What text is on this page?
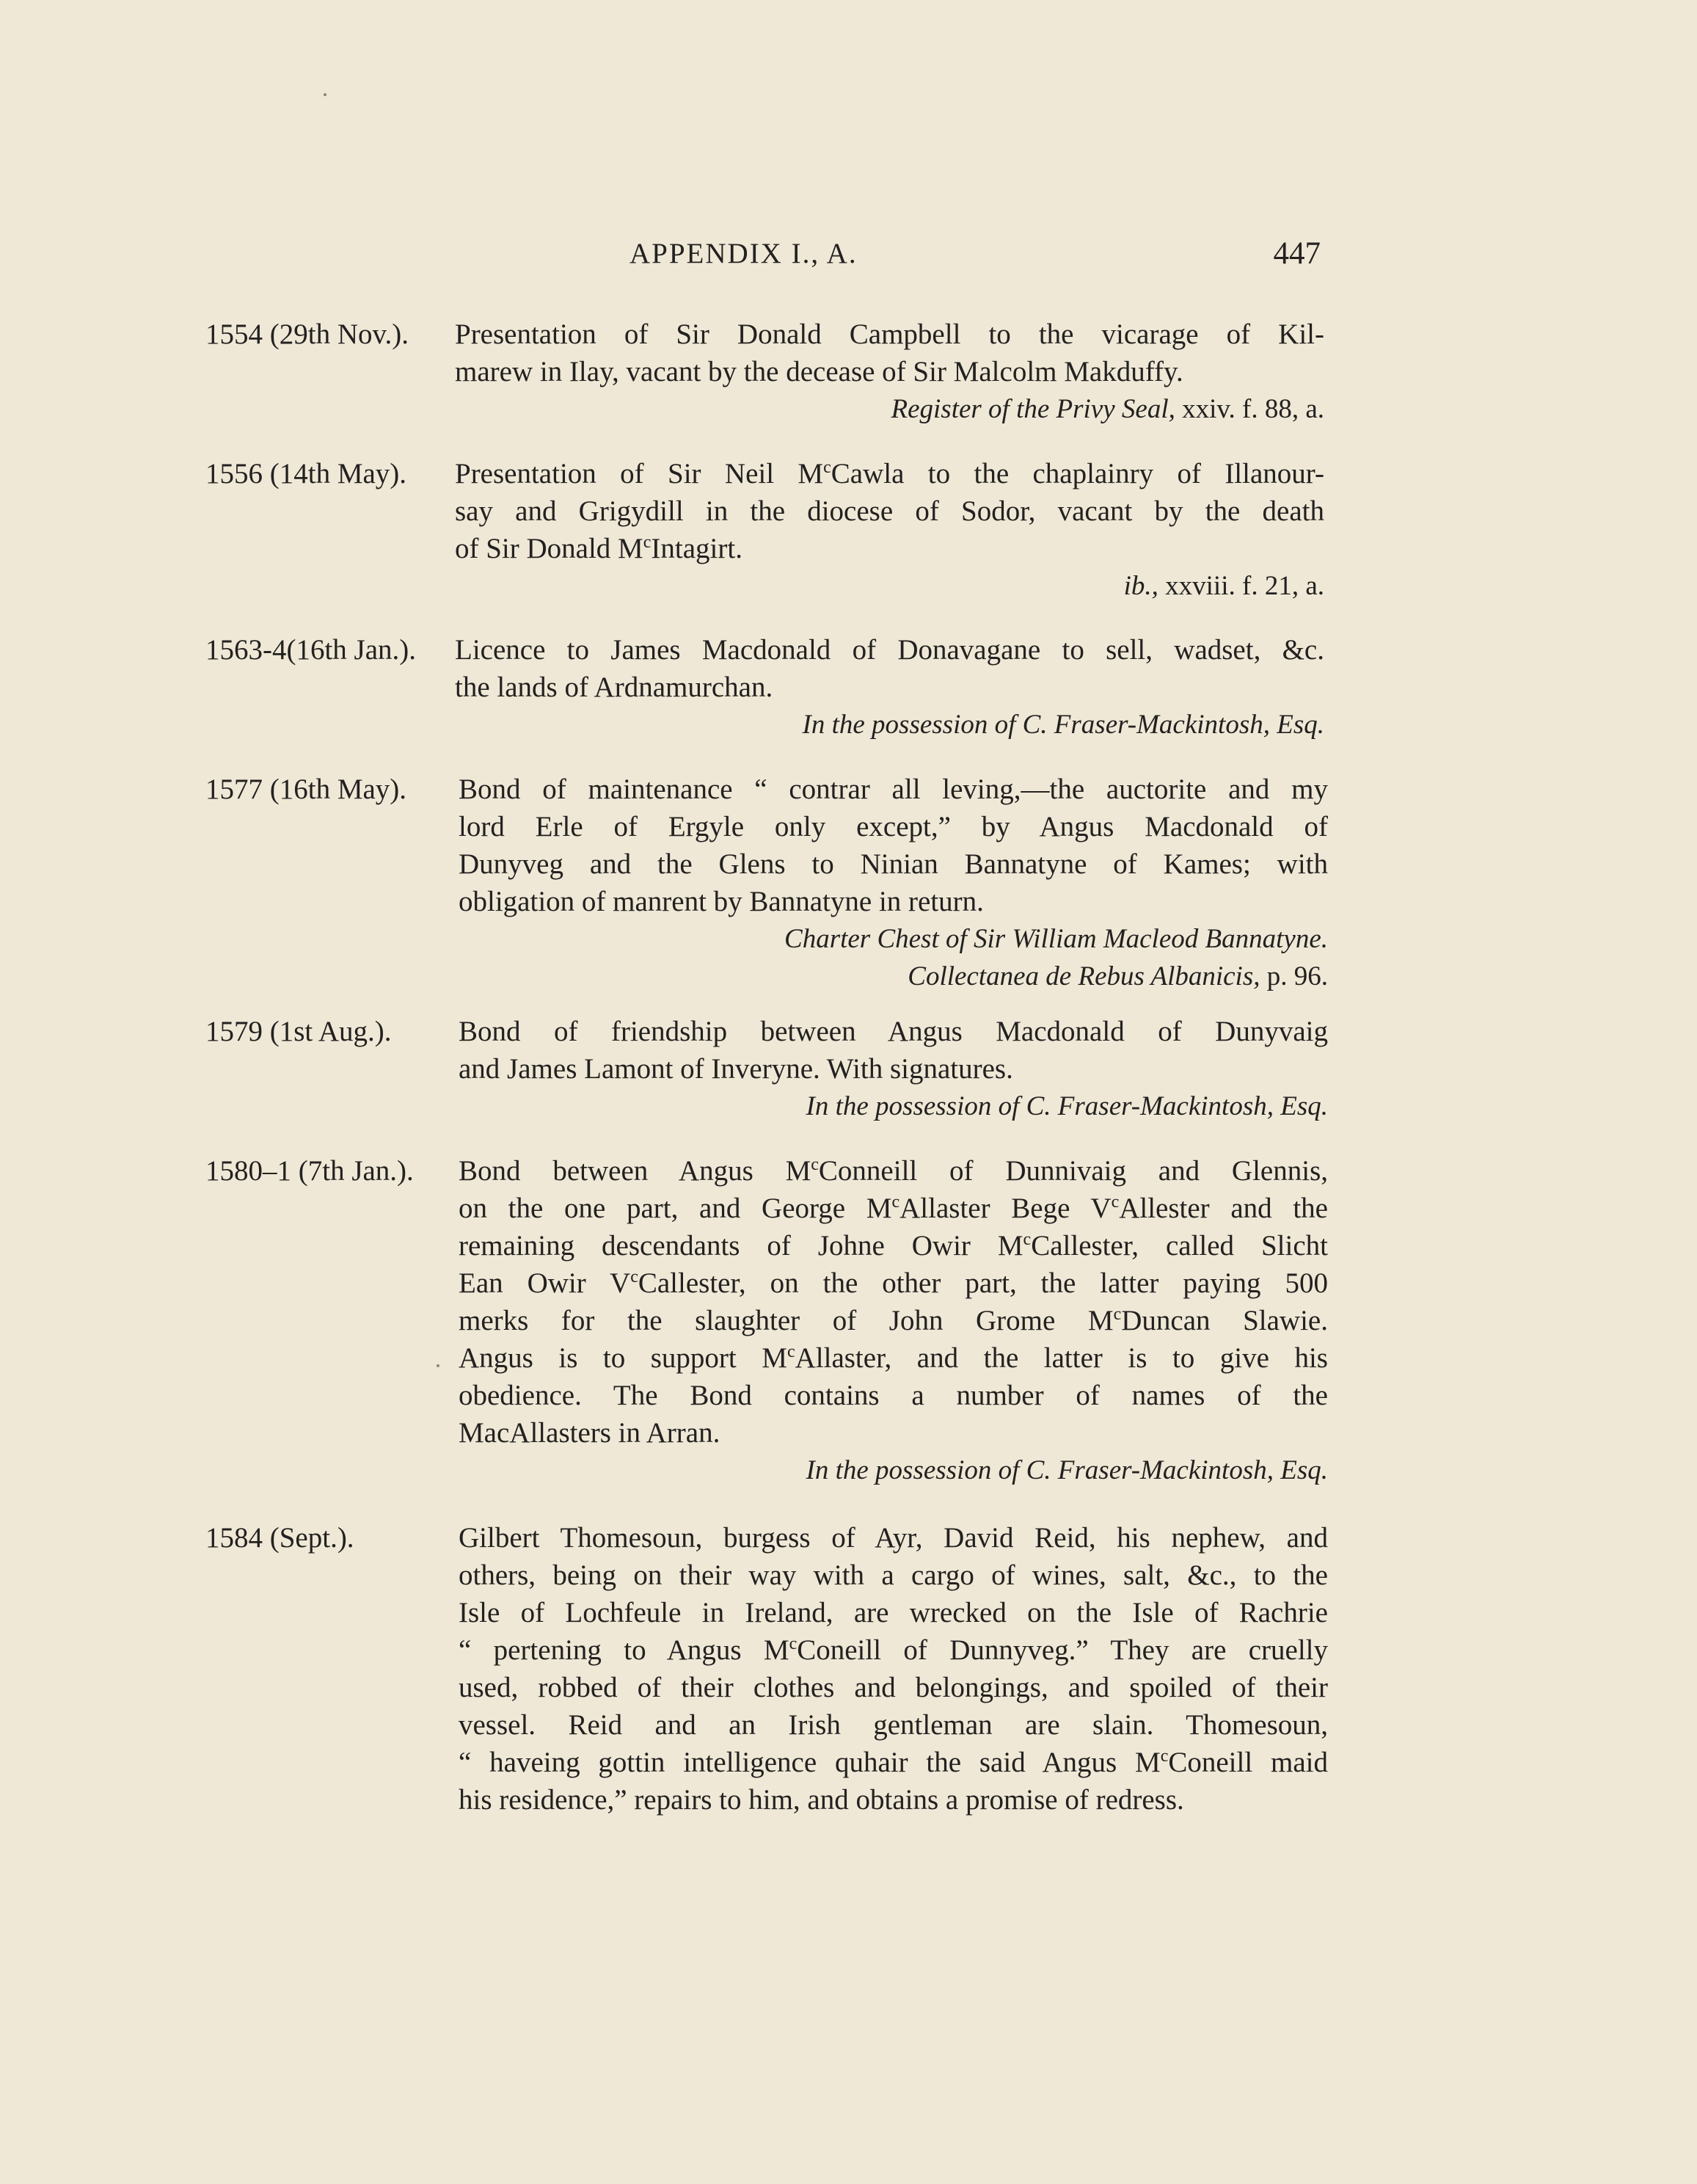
APPENDIX I., A.	447
1554 (29th Nov.). Presentation of Sir Donald Campbell to the vicarage of Kil-
marew in Ilay, vacant by the decease of Sir Malcolm Makduffy.
Register of the Privy Seal, xxiv. f. 88, a.
1556 (14th May). Presentation of Sir Neil $M^cCawla$ to the chaplainry of Illanour-
say and Grigydill in the diocese of Sodor, vacant by the death
of Sir Donald $M^cIntagirt$.
ib., xxviii. f. 21, a.
1563-4(16th Jan.). Licence to James Macdonald of Donavagane to sell, wadset, &c.
the lands of Ardnamurchan.
In the possession of C. Fraser-Mackintosh, Esq.
1577 (16th May). Bond of maintenance “ contrar all leving,—the auctorite and my
lord Erle of Ergyle only except,” by Angus Macdonald of
Dunyveg and the Glens to Ninian Bannatyne of Kames; with
obligation of manrent by Bannatyne in return.
Charter Chest of Sir William Macleod Bannatyne.
Collectanea de Rebus Albanicis, p. 96.
1579 (1st Aug.). Bond of friendship between Angus Macdonald of Dunyvaig
and James Lamont of Inveryne. With signatures.
In the possession of C. Fraser-Mackintosh, Esq.
1580–1 (7th Jan.). Bond between Angus $M^cConneill$ of Dunnivaig and Glennis,
on the one part, and George $M^cAllaster$ Bege $V^cAllester$ and the
remaining descendants of Johne Owir $M^cCallester$, called Slicht
Ean Owir $V^cCallester$, on the other part, the latter paying 500
merks for the slaughter of John Grome $M^cDuncan$ Slawie.
Angus is to support $M^cAllaster$, and the latter is to give his
obedience. The Bond contains a number of names of the
MacAllasters in Arran.
In the possession of C. Fraser-Mackintosh, Esq.
1584 (Sept.).	Gilbert Thomesoun, burgess of Ayr, David Reid, his nephew, and
others, being on their way with a cargo of wines, salt, &c., to the
Isle of Lochfeule in Ireland, are wrecked on the Isle of Rachrie
“ pertening to Angus $M^cConeill$ of Dunnyveg.” They are cruelly
used, robbed of their clothes and belongings, and spoiled of their
vessel. Reid and an Irish gentleman are slain. Thomesoun,
“ haveing gottin intelligence quhair the said Angus $M^cConeill$ maid
his residence,” repairs to him, and obtains a promise of redress.
